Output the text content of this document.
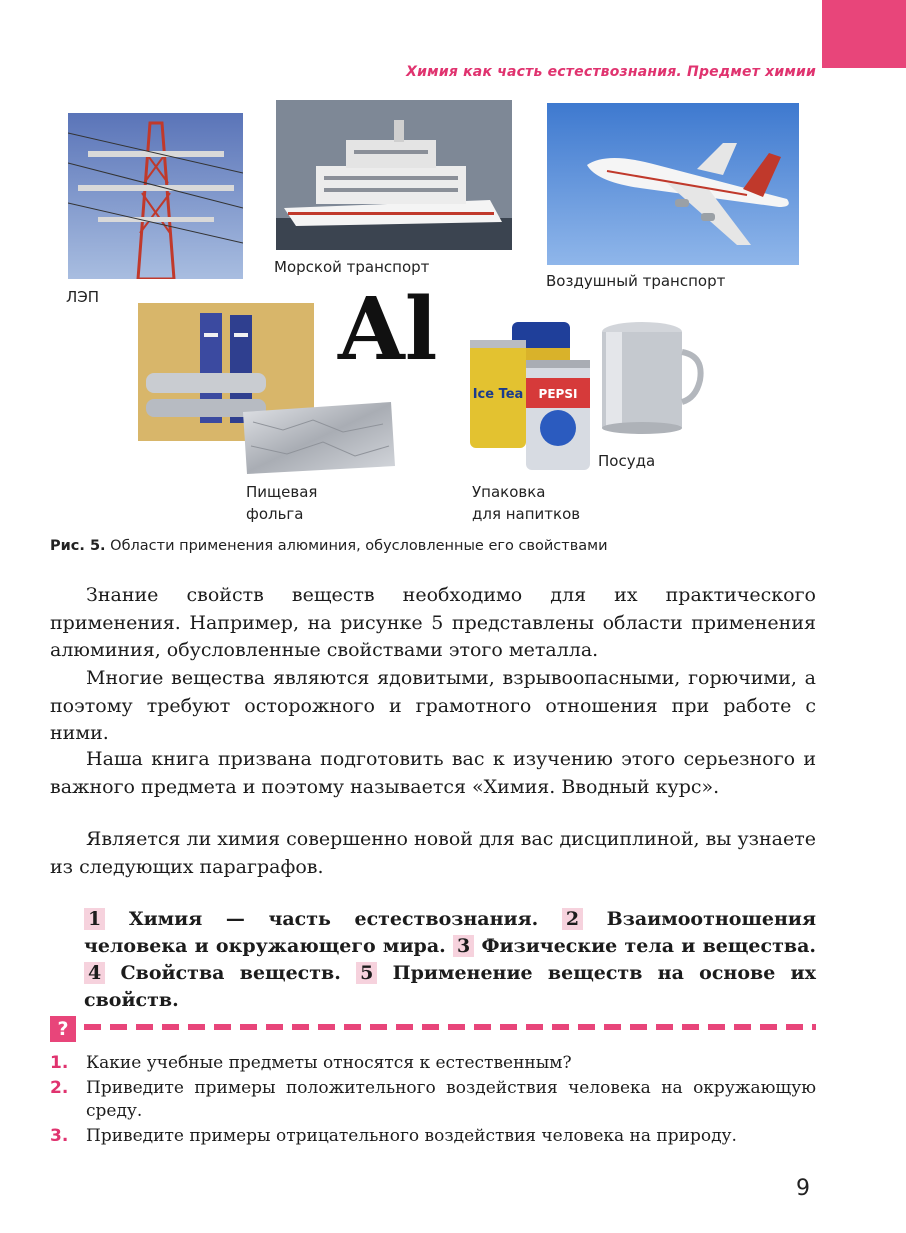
Химия как часть естествознания. Предмет химии
ЛЭП
Морской транспорт
Воздушный транспорт
Al
Пищевая
фольга
Ice Tea PEPSI
Упаковка
для напитков
Посуда
Рис. 5. Области применения алюминия, обусловленные его свойствами

Знание свойств веществ необходимо для их практического применения. Например, на рисунке 5 представлены области применения алюминия, обусловленные свойствами этого металла.

Многие вещества являются ядовитыми, взрывоопасными, горючими, а поэтому требуют осторожного и грамотного отношения при работе с ними.

Наша книга призвана подготовить вас к изучению этого серьезного и важного предмета и поэтому называется «Химия. Вводный курс».

Является ли химия совершенно новой для вас дисциплиной, вы узнаете из следующих параграфов.

1 Химия — часть естествознания. 2 Взаимоотношения человека и окружающего мира. 3 Физические тела и вещества. 4 Свойства веществ. 5 Применение веществ на основе их свойств.

?
1. Какие учебные предметы относятся к естественным?
2. Приведите примеры положительного воздействия человека на окружающую среду.
3. Приведите примеры отрицательного воздействия человека на природу.
9
